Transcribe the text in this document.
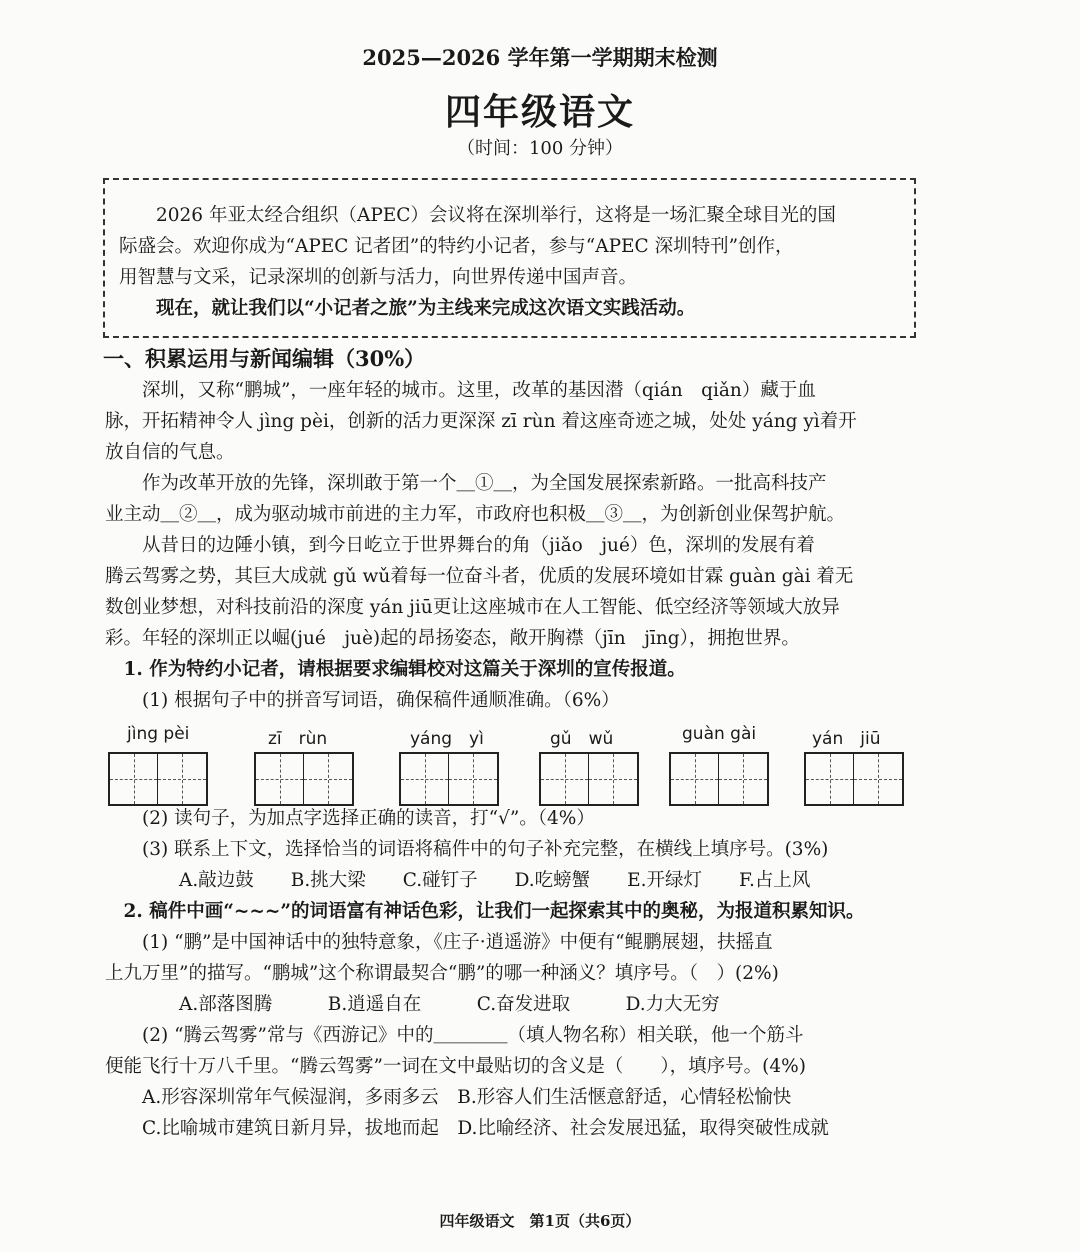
2025—2026 学年第一学期期末检测
四年级语文
（时间：100 分钟）
　　2026 年亚太经合组织（APEC）会议将在深圳举行，这将是一场汇聚全球目光的国
际盛会。欢迎你成为“APEC 记者团”的特约小记者，参与“APEC 深圳特刊”创作，
用智慧与文采，记录深圳的创新与活力，向世界传递中国声音。
　　现在，就让我们以“小记者之旅”为主线来完成这次语文实践活动。
一、积累运用与新闻编辑（30%）
　　深圳，又称“鹏城”，一座年轻的城市。这里，改革的基因潜（qián　qiǎn）藏于血
脉，开拓精神令人 jìng pèi，创新的活力更深深 zī rùn 着这座奇迹之城，处处 yáng yì着开
放自信的气息。
　　作为改革开放的先锋，深圳敢于第一个＿①＿，为全国发展探索新路。一批高科技产
业主动＿②＿，成为驱动城市前进的主力军，市政府也积极＿③＿，为创新创业保驾护航。
　　从昔日的边陲小镇，到今日屹立于世界舞台的角（jiǎo　jué）色，深圳的发展有着
腾云驾雾之势，其巨大成就 gǔ wǔ着每一位奋斗者，优质的发展环境如甘霖 guàn gài 着无
数创业梦想，对科技前沿的深度 yán jiū更让这座城市在人工智能、低空经济等领域大放异
彩。年轻的深圳正以崛(jué　juè)起的昂扬姿态，敞开胸襟（jīn　jīng），拥抱世界。
　1. 作为特约小记者，请根据要求编辑校对这篇关于深圳的宣传报道。
　　(1) 根据句子中的拼音写词语，确保稿件通顺准确。（6%）
jìng pèi	zī　rùn	yáng　yì	gǔ　wǔ	guàn gài	yán　jiū
　　(2) 读句子，为加点字选择正确的读音，打“√”。（4%）
　　(3) 联系上下文，选择恰当的词语将稿件中的句子补充完整，在横线上填序号。(3%)
　　　　A.敲边鼓　　B.挑大梁　　C.碰钉子　　D.吃螃蟹　　E.开绿灯　　F.占上风
　2. 稿件中画“~~~”的词语富有神话色彩，让我们一起探索其中的奥秘，为报道积累知识。
　　(1) “鹏”是中国神话中的独特意象，《庄子·逍遥游》中便有“鲲鹏展翅，扶摇直
上九万里”的描写。“鹏城”这个称谓最契合“鹏”的哪一种涵义？填序号。（　）(2%)
　　　　A.部落图腾　　　B.逍遥自在　　　C.奋发进取　　　D.力大无穷
　　(2) “腾云驾雾”常与《西游记》中的＿＿＿＿（填人物名称）相关联，他一个筋斗
便能飞行十万八千里。“腾云驾雾”一词在文中最贴切的含义是（　　），填序号。(4%)
　　A.形容深圳常年气候湿润，多雨多云　B.形容人们生活惬意舒适，心情轻松愉快
　　C.比喻城市建筑日新月异，拔地而起　D.比喻经济、社会发展迅猛，取得突破性成就
四年级语文　第1页（共6页）
